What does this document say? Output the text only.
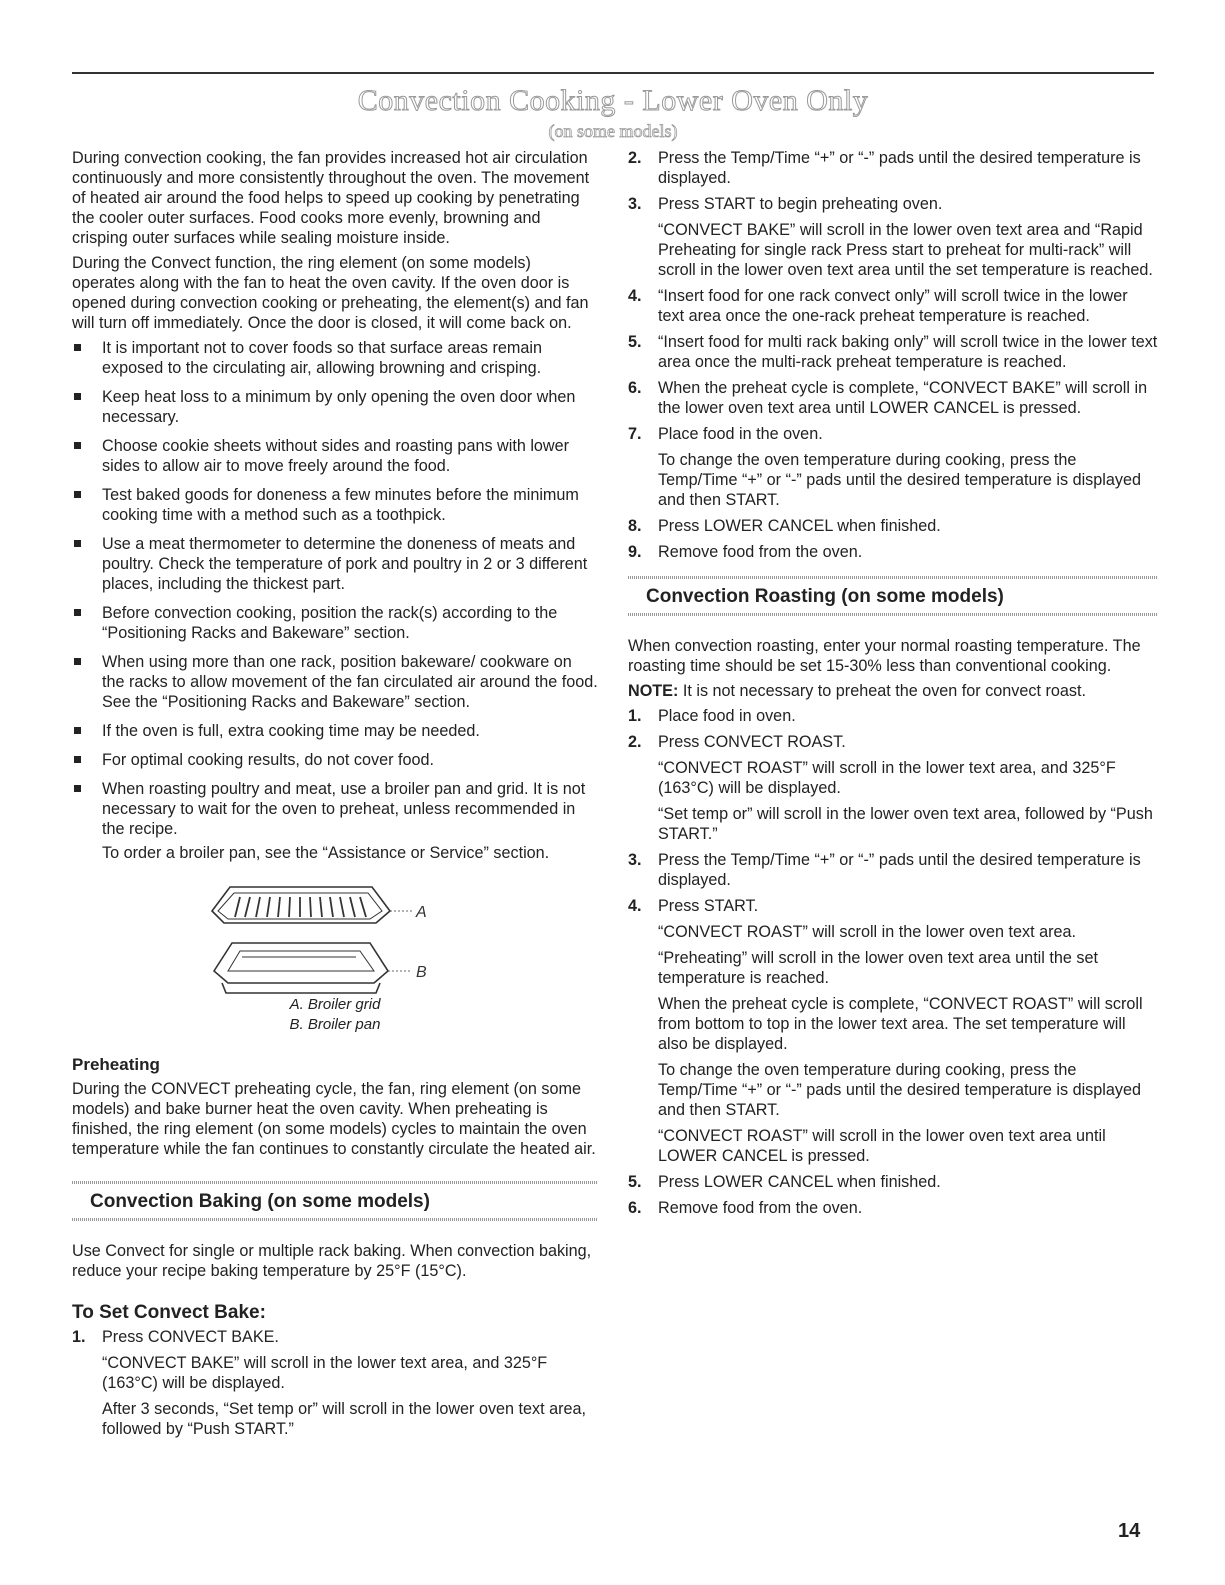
Convection Cooking - Lower Oven Only
(on some models)

During convection cooking, the fan provides increased hot air circulation continuously and more consistently throughout the oven. The movement of heated air around the food helps to speed up cooking by penetrating the cooler outer surfaces. Food cooks more evenly, browning and crisping outer surfaces while sealing moisture inside.

During the Convect function, the ring element (on some models) operates along with the fan to heat the oven cavity. If the oven door is opened during convection cooking or preheating, the element(s) and fan will turn off immediately. Once the door is closed, it will come back on.

It is important not to cover foods so that surface areas remain exposed to the circulating air, allowing browning and crisping.
Keep heat loss to a minimum by only opening the oven door when necessary.
Choose cookie sheets without sides and roasting pans with lower sides to allow air to move freely around the food.
Test baked goods for doneness a few minutes before the minimum cooking time with a method such as a toothpick.
Use a meat thermometer to determine the doneness of meats and poultry. Check the temperature of pork and poultry in 2 or 3 different places, including the thickest part.
Before convection cooking, position the rack(s) according to the “Positioning Racks and Bakeware” section.
When using more than one rack, position bakeware/ cookware on the racks to allow movement of the fan circulated air around the food. See the “Positioning Racks and Bakeware” section.
If the oven is full, extra cooking time may be needed.
For optimal cooking results, do not cover food.
When roasting poultry and meat, use a broiler pan and grid. It is not necessary to wait for the oven to preheat, unless recommended in the recipe.

To order a broiler pan, see the “Assistance or Service” section.

A
B
A. Broiler grid
B. Broiler pan
Preheating

During the CONVECT preheating cycle, the fan, ring element (on some models) and bake burner heat the oven cavity. When preheating is finished, the ring element (on some models) cycles to maintain the oven temperature while the fan continues to constantly circulate the heated air.

Convection Baking (on some models)

Use Convect for single or multiple rack baking. When convection baking, reduce your recipe baking temperature by 25°F (15°C).

To Set Convect Bake:
1. Press CONVECT BAKE.

“CONVECT BAKE” will scroll in the lower text area, and 325°F (163°C) will be displayed.

After 3 seconds, “Set temp or” will scroll in the lower oven text area, followed by “Push START.”

2. Press the Temp/Time “+” or “-” pads until the desired temperature is displayed.

3. Press START to begin preheating oven.

“CONVECT BAKE” will scroll in the lower oven text area and “Rapid Preheating for single rack Press start to preheat for multi-rack” will scroll in the lower oven text area until the set temperature is reached.

4. “Insert food for one rack convect only” will scroll twice in the lower text area once the one-rack preheat temperature is reached.

5. “Insert food for multi rack baking only” will scroll twice in the lower text area once the multi-rack preheat temperature is reached.

6. When the preheat cycle is complete, “CONVECT BAKE” will scroll in the lower oven text area until LOWER CANCEL is pressed.

7. Place food in the oven.

To change the oven temperature during cooking, press the Temp/Time “+” or “-” pads until the desired temperature is displayed and then START.

8. Press LOWER CANCEL when finished.

9. Remove food from the oven.

Convection Roasting (on some models)

When convection roasting, enter your normal roasting temperature. The roasting time should be set 15-30% less than conventional cooking.

NOTE: It is not necessary to preheat the oven for convect roast.

1. Place food in oven.

2. Press CONVECT ROAST.

“CONVECT ROAST” will scroll in the lower text area, and 325°F (163°C) will be displayed.

“Set temp or” will scroll in the lower oven text area, followed by “Push START.”

3. Press the Temp/Time “+” or “-” pads until the desired temperature is displayed.

4. Press START.

“CONVECT ROAST” will scroll in the lower oven text area.

“Preheating” will scroll in the lower oven text area until the set temperature is reached.

When the preheat cycle is complete, “CONVECT ROAST” will scroll from bottom to top in the lower text area. The set temperature will also be displayed.

To change the oven temperature during cooking, press the Temp/Time “+” or “-” pads until the desired temperature is displayed and then START.

“CONVECT ROAST” will scroll in the lower oven text area until LOWER CANCEL is pressed.

5. Press LOWER CANCEL when finished.

6. Remove food from the oven.

14
